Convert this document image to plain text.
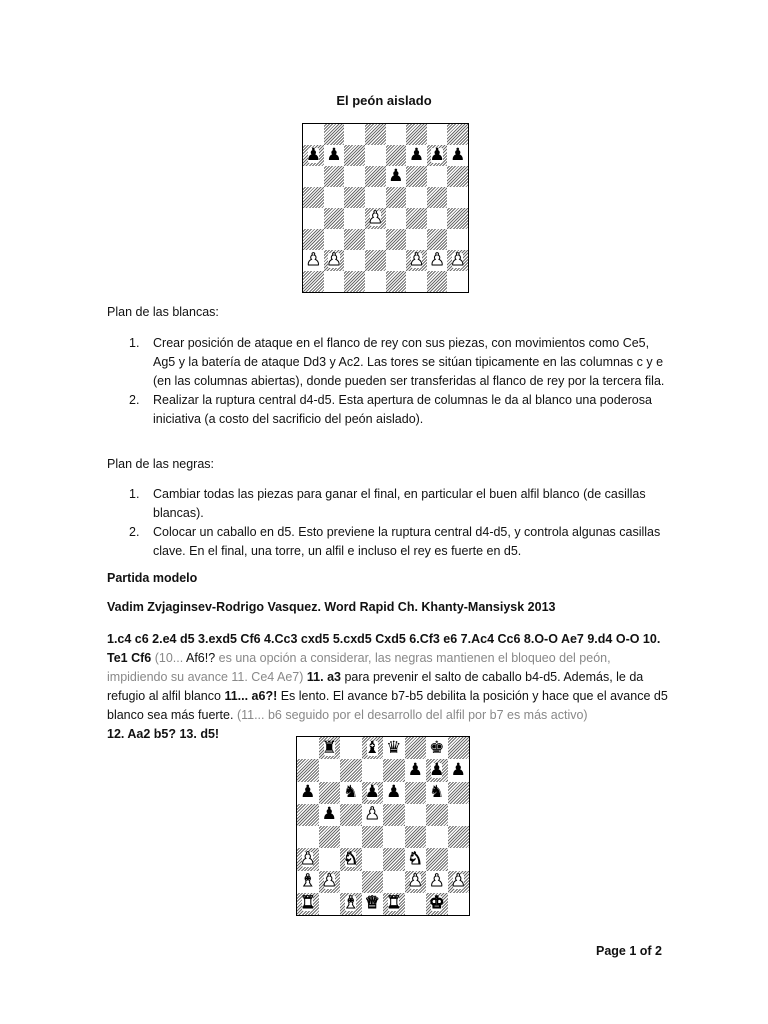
El peón aislado
♟ ♟	♟ ♟ ♟
♟
♟
♟ ♟	♟ ♟ ♟
Plan de las blancas:
1. Crear posición de ataque en el flanco de rey con sus piezas, con movimientos como Ce5, Ag5 y la batería de ataque Dd3 y Ac2. Las tores se sitúan tipicamente en las columnas c y e (en las columnas abiertas), donde pueden ser transferidas al flanco de rey por la tercera fila.
2. Realizar la ruptura central d4-d5. Esta apertura de columnas le da al blanco una poderosa iniciativa (a costo del sacrificio del peón aislado).
Plan de las negras:
1. Cambiar todas las piezas para ganar el final, en particular el buen alfil blanco (de casillas blancas).
2. Colocar un caballo en d5. Esto previene la ruptura central d4-d5, y controla algunas casillas clave. En el final, una torre, un alfil e incluso el rey es fuerte en d5.
Partida modelo
Vadim Zvjaginsev-Rodrigo Vasquez. Word Rapid Ch. Khanty-Mansiysk 2013
1.c4 c6 2.e4 d5 3.exd5 Cf6 4.Cc3 cxd5 5.cxd5 Cxd5 6.Cf3 e6 7.Ac4 Cc6 8.O-O Ae7 9.d4 O-O 10. Te1 Cf6 (10... Af6!? es una opción a considerar, las negras mantienen el bloqueo del peón, impidiendo su avance 11. Ce4 Ae7) 11. a3 para prevenir el salto de caballo b4-d5. Además, le da refugio al alfil blanco 11... a6?! Es lento. El avance b7-b5 debilita la posición y hace que el avance d5 blanco sea más fuerte. (11... b6 seguido por el desarrollo del alfil por b7 es más activo)
12. Aa2 b5? 13. d5!
♜ ♝ ♛ ♚
♟ ♟ ♟
♟ ♞ ♟ ♟ ♞
♟ ♟
♟ ♞	♞
♝ ♟	♟ ♟ ♟
♜ ♝ ♛ ♜ ♚
Page 1 of 2
